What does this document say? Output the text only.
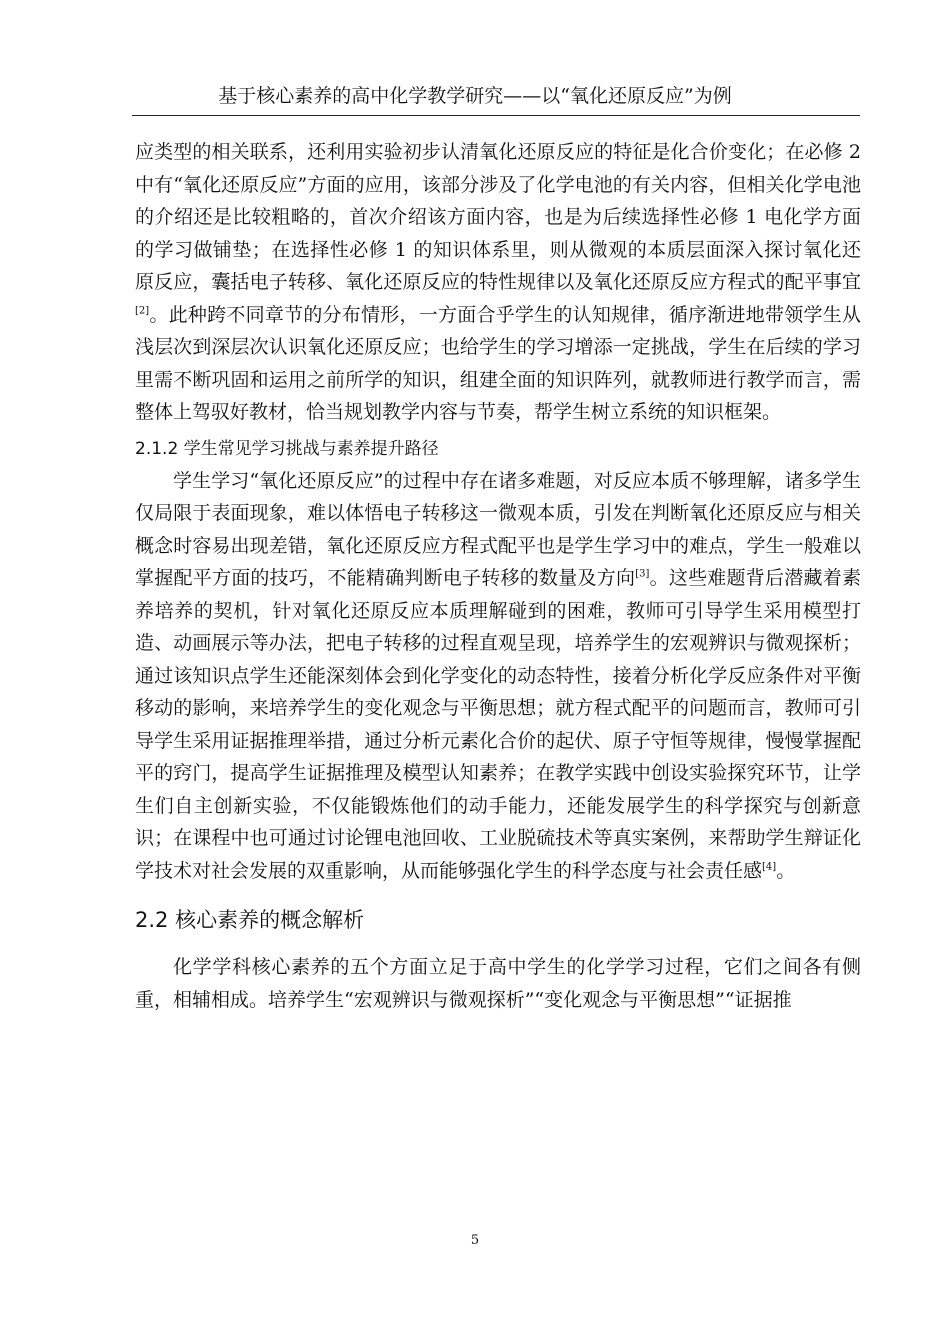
基于核心素养的高中化学教学研究——以“氧化还原反应”为例

应类型的相关联系，还利用实验初步认清氧化还原反应的特征是化合价变化；在必修 2 中有“氧化还原反应”方面的应用，该部分涉及了化学电池的有关内容，但相关化学电池的介绍还是比较粗略的，首次介绍该方面内容，也是为后续选择性必修 1 电化学方面的学习做铺垫；在选择性必修 1 的知识体系里，则从微观的本质层面深入探讨氧化还原反应，囊括电子转移、氧化还原反应的特性规律以及氧化还原反应方程式的配平事宜[2]。此种跨不同章节的分布情形，一方面合乎学生的认知规律，循序渐进地带领学生从浅层次到深层次认识氧化还原反应；也给学生的学习增添一定挑战，学生在后续的学习里需不断巩固和运用之前所学的知识，组建全面的知识阵列，就教师进行教学而言，需整体上驾驭好教材，恰当规划教学内容与节奏，帮学生树立系统的知识框架。

2.1.2 学生常见学习挑战与素养提升路径

学生学习“氧化还原反应”的过程中存在诸多难题，对反应本质不够理解，诸多学生仅局限于表面现象，难以体悟电子转移这一微观本质，引发在判断氧化还原反应与相关概念时容易出现差错，氧化还原反应方程式配平也是学生学习中的难点，学生一般难以掌握配平方面的技巧，不能精确判断电子转移的数量及方向[3]。这些难题背后潜藏着素养培养的契机，针对氧化还原反应本质理解碰到的困难，教师可引导学生采用模型打造、动画展示等办法，把电子转移的过程直观呈现，培养学生的宏观辨识与微观探析；通过该知识点学生还能深刻体会到化学变化的动态特性，接着分析化学反应条件对平衡移动的影响，来培养学生的变化观念与平衡思想；就方程式配平的问题而言，教师可引导学生采用证据推理举措，通过分析元素化合价的起伏、原子守恒等规律，慢慢掌握配平的窍门，提高学生证据推理及模型认知素养；在教学实践中创设实验探究环节，让学生们自主创新实验，不仅能锻炼他们的动手能力，还能发展学生的科学探究与创新意识；在课程中也可通过讨论锂电池回收、工业脱硫技术等真实案例，来帮助学生辩证化学技术对社会发展的双重影响，从而能够强化学生的科学态度与社会责任感[4]。

2.2 核心素养的概念解析

化学学科核心素养的五个方面立足于高中学生的化学学习过程，它们之间各有侧重，相辅相成。培养学生“宏观辨识与微观探析”“变化观念与平衡思想”“证据推

5
